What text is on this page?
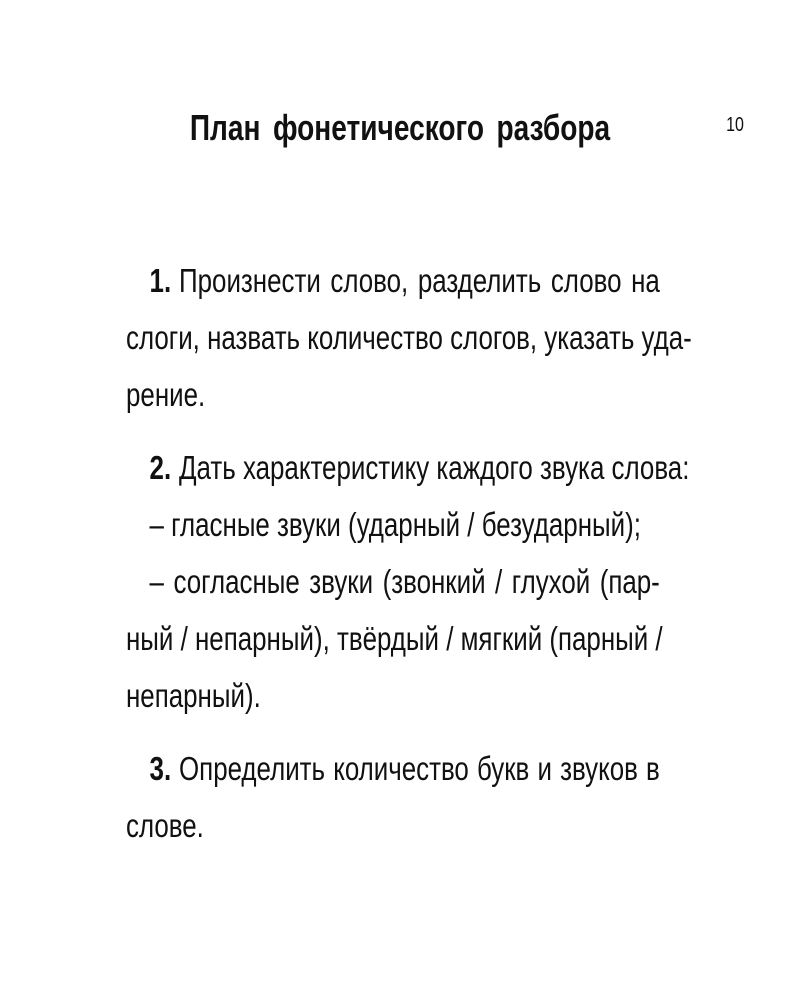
План фонетического разбора	10
1. Произнести слово, разделить слово на
слоги, назвать количество слогов, указать уда-
рение.
2. Дать характеристику каждого звука слова:
– гласные звуки (ударный / безударный);
– согласные звуки (звонкий / глухой (пар-
ный / непарный), твёрдый / мягкий (парный /
непарный).
3. Определить количество букв и звуков в
слове.
